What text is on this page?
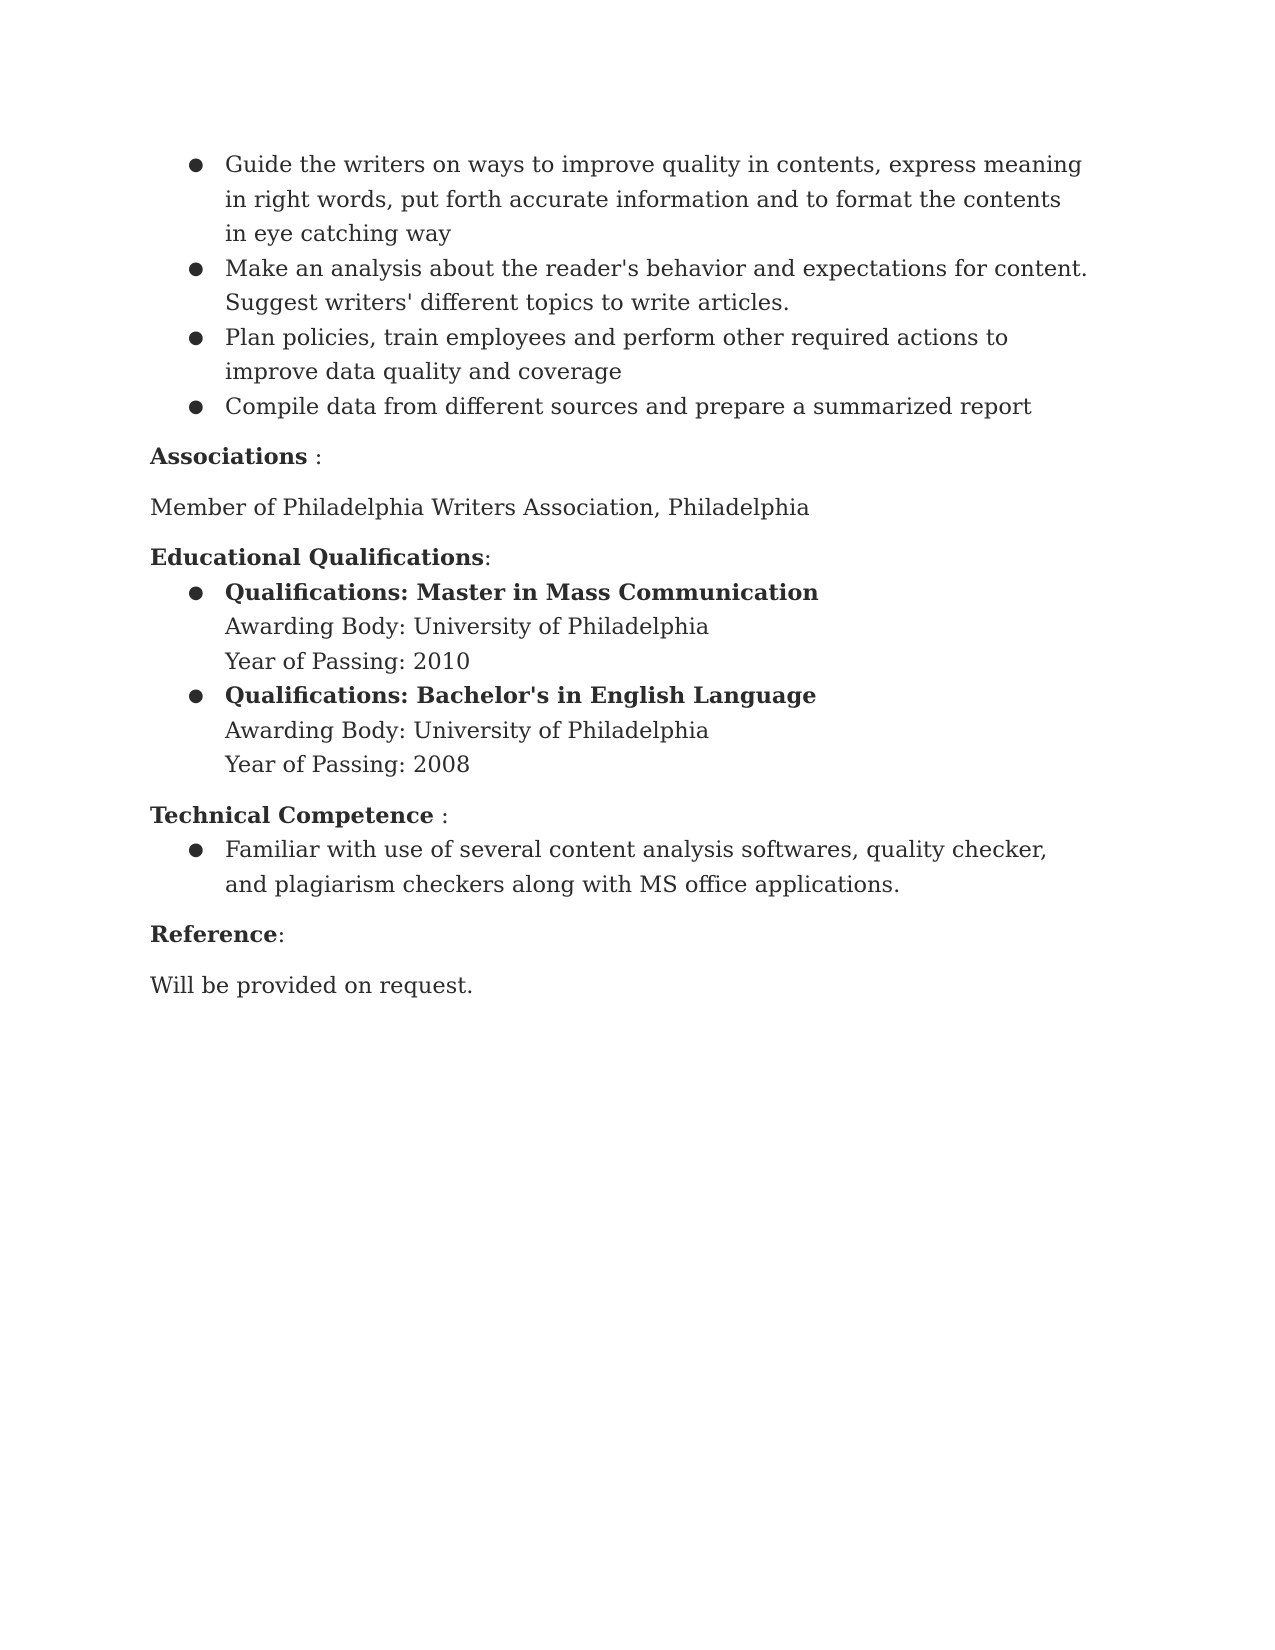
● Guide the writers on ways to improve quality in contents, express meaning in right words, put forth accurate information and to format the contents in eye catching way
● Make an analysis about the reader's behavior and expectations for content. Suggest writers' different topics to write articles.
● Plan policies, train employees and perform other required actions to improve data quality and coverage
● Compile data from different sources and prepare a summarized report
Associations :
Member of Philadelphia Writers Association, Philadelphia
Educational Qualifications:
● Qualifications: Master in Mass Communication
Awarding Body: University of Philadelphia
Year of Passing: 2010
● Qualifications: Bachelor's in English Language
Awarding Body: University of Philadelphia
Year of Passing: 2008
Technical Competence :
● Familiar with use of several content analysis softwares, quality checker, and plagiarism checkers along with MS office applications.
Reference:
Will be provided on request.
